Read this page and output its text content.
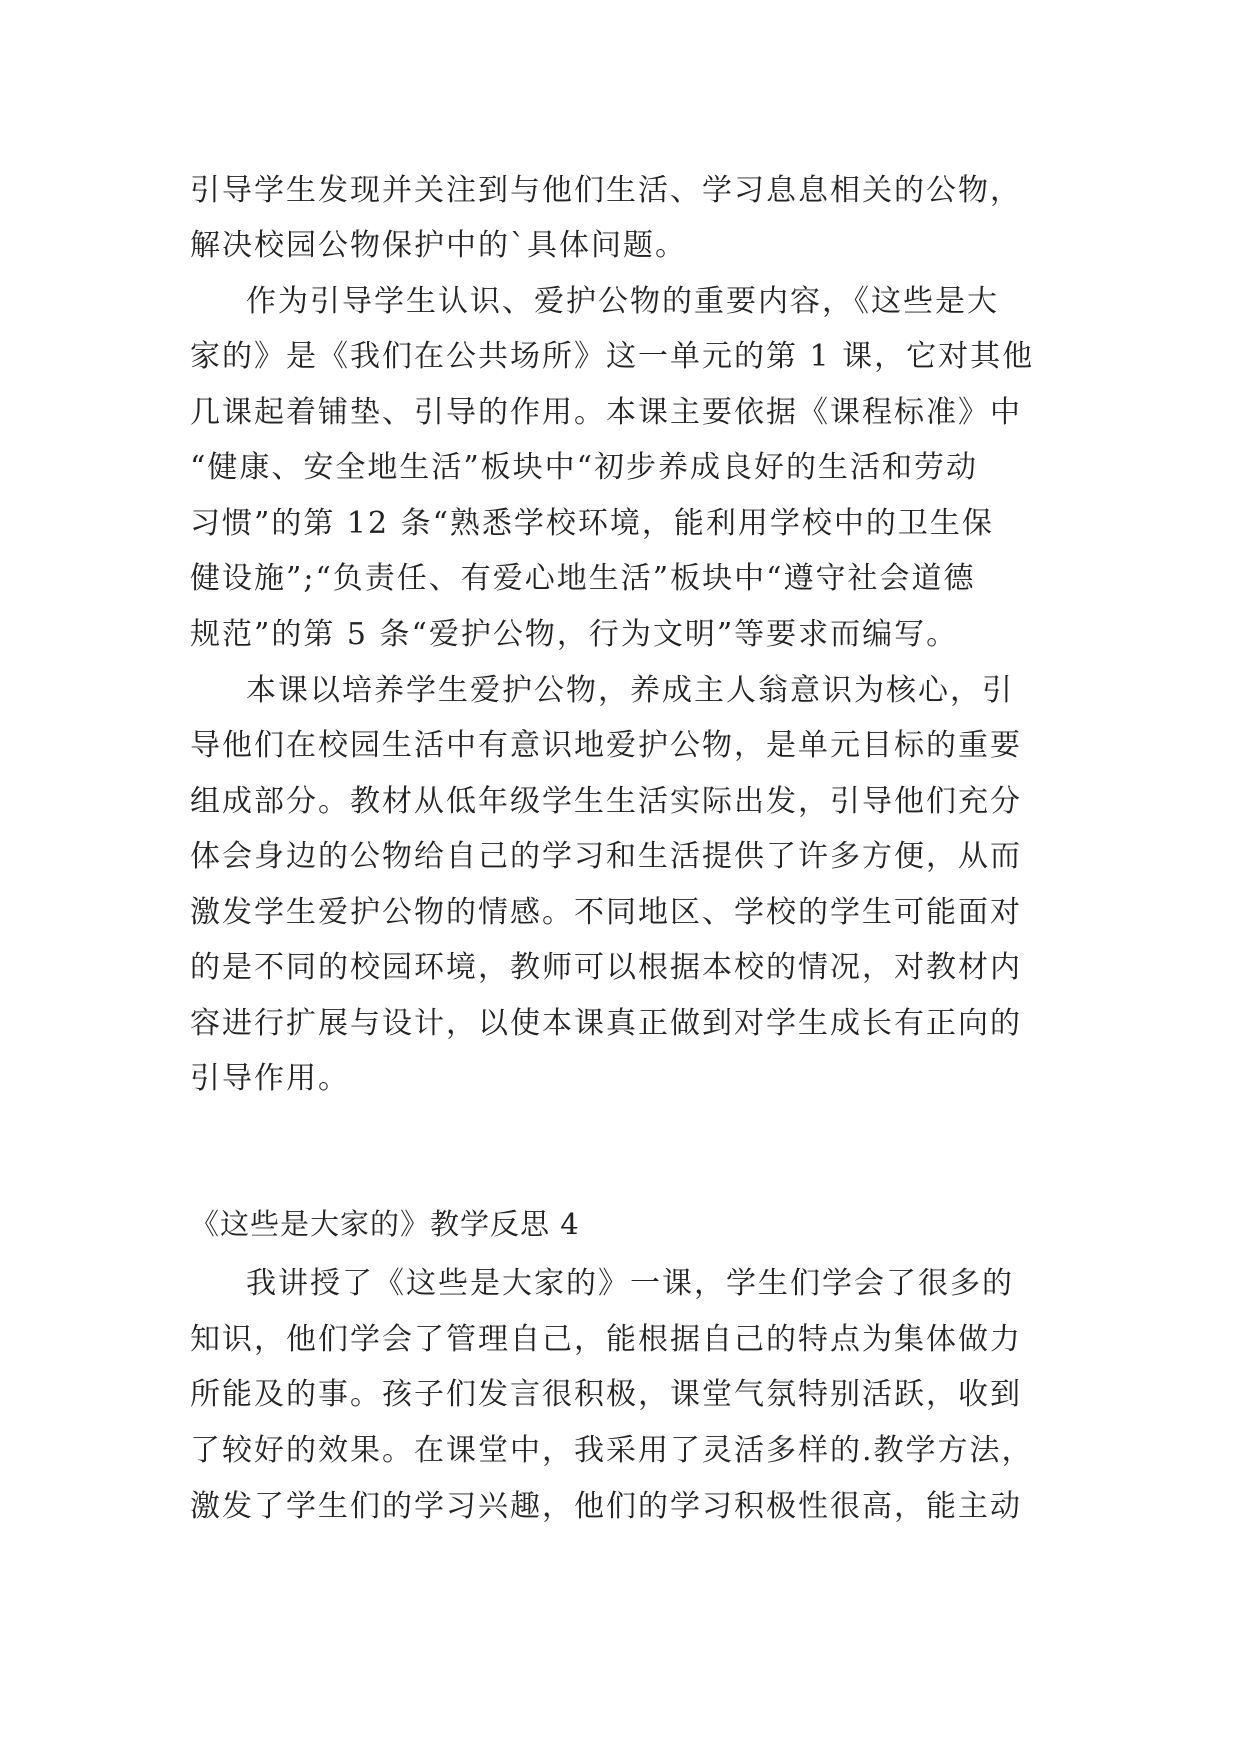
引导学生发现并关注到与他们生活、学习息息相关的公物，
解决校园公物保护中的`具体问题。
作为引导学生认识、爱护公物的重要内容，《这些是大
家的》是《我们在公共场所》这一单元的第 1 课，它对其他
几课起着铺垫、引导的作用。本课主要依据《课程标准》中
“健康、安全地生活”板块中“初步养成良好的生活和劳动
习惯”的第 12 条“熟悉学校环境，能利用学校中的卫生保
健设施”;“负责任、有爱心地生活”板块中“遵守社会道德
规范”的第 5 条“爱护公物，行为文明”等要求而编写。
本课以培养学生爱护公物，养成主人翁意识为核心，引
导他们在校园生活中有意识地爱护公物，是单元目标的重要
组成部分。教材从低年级学生生活实际出发，引导他们充分
体会身边的公物给自己的学习和生活提供了许多方便，从而
激发学生爱护公物的情感。不同地区、学校的学生可能面对
的是不同的校园环境，教师可以根据本校的情况，对教材内
容进行扩展与设计，以使本课真正做到对学生成长有正向的
引导作用。
《这些是大家的》教学反思 4
我讲授了《这些是大家的》一课，学生们学会了很多的
知识，他们学会了管理自己，能根据自己的特点为集体做力
所能及的事。孩子们发言很积极，课堂气氛特别活跃，收到
了较好的效果。在课堂中，我采用了灵活多样的.教学方法，
激发了学生们的学习兴趣，他们的学习积极性很高，能主动
